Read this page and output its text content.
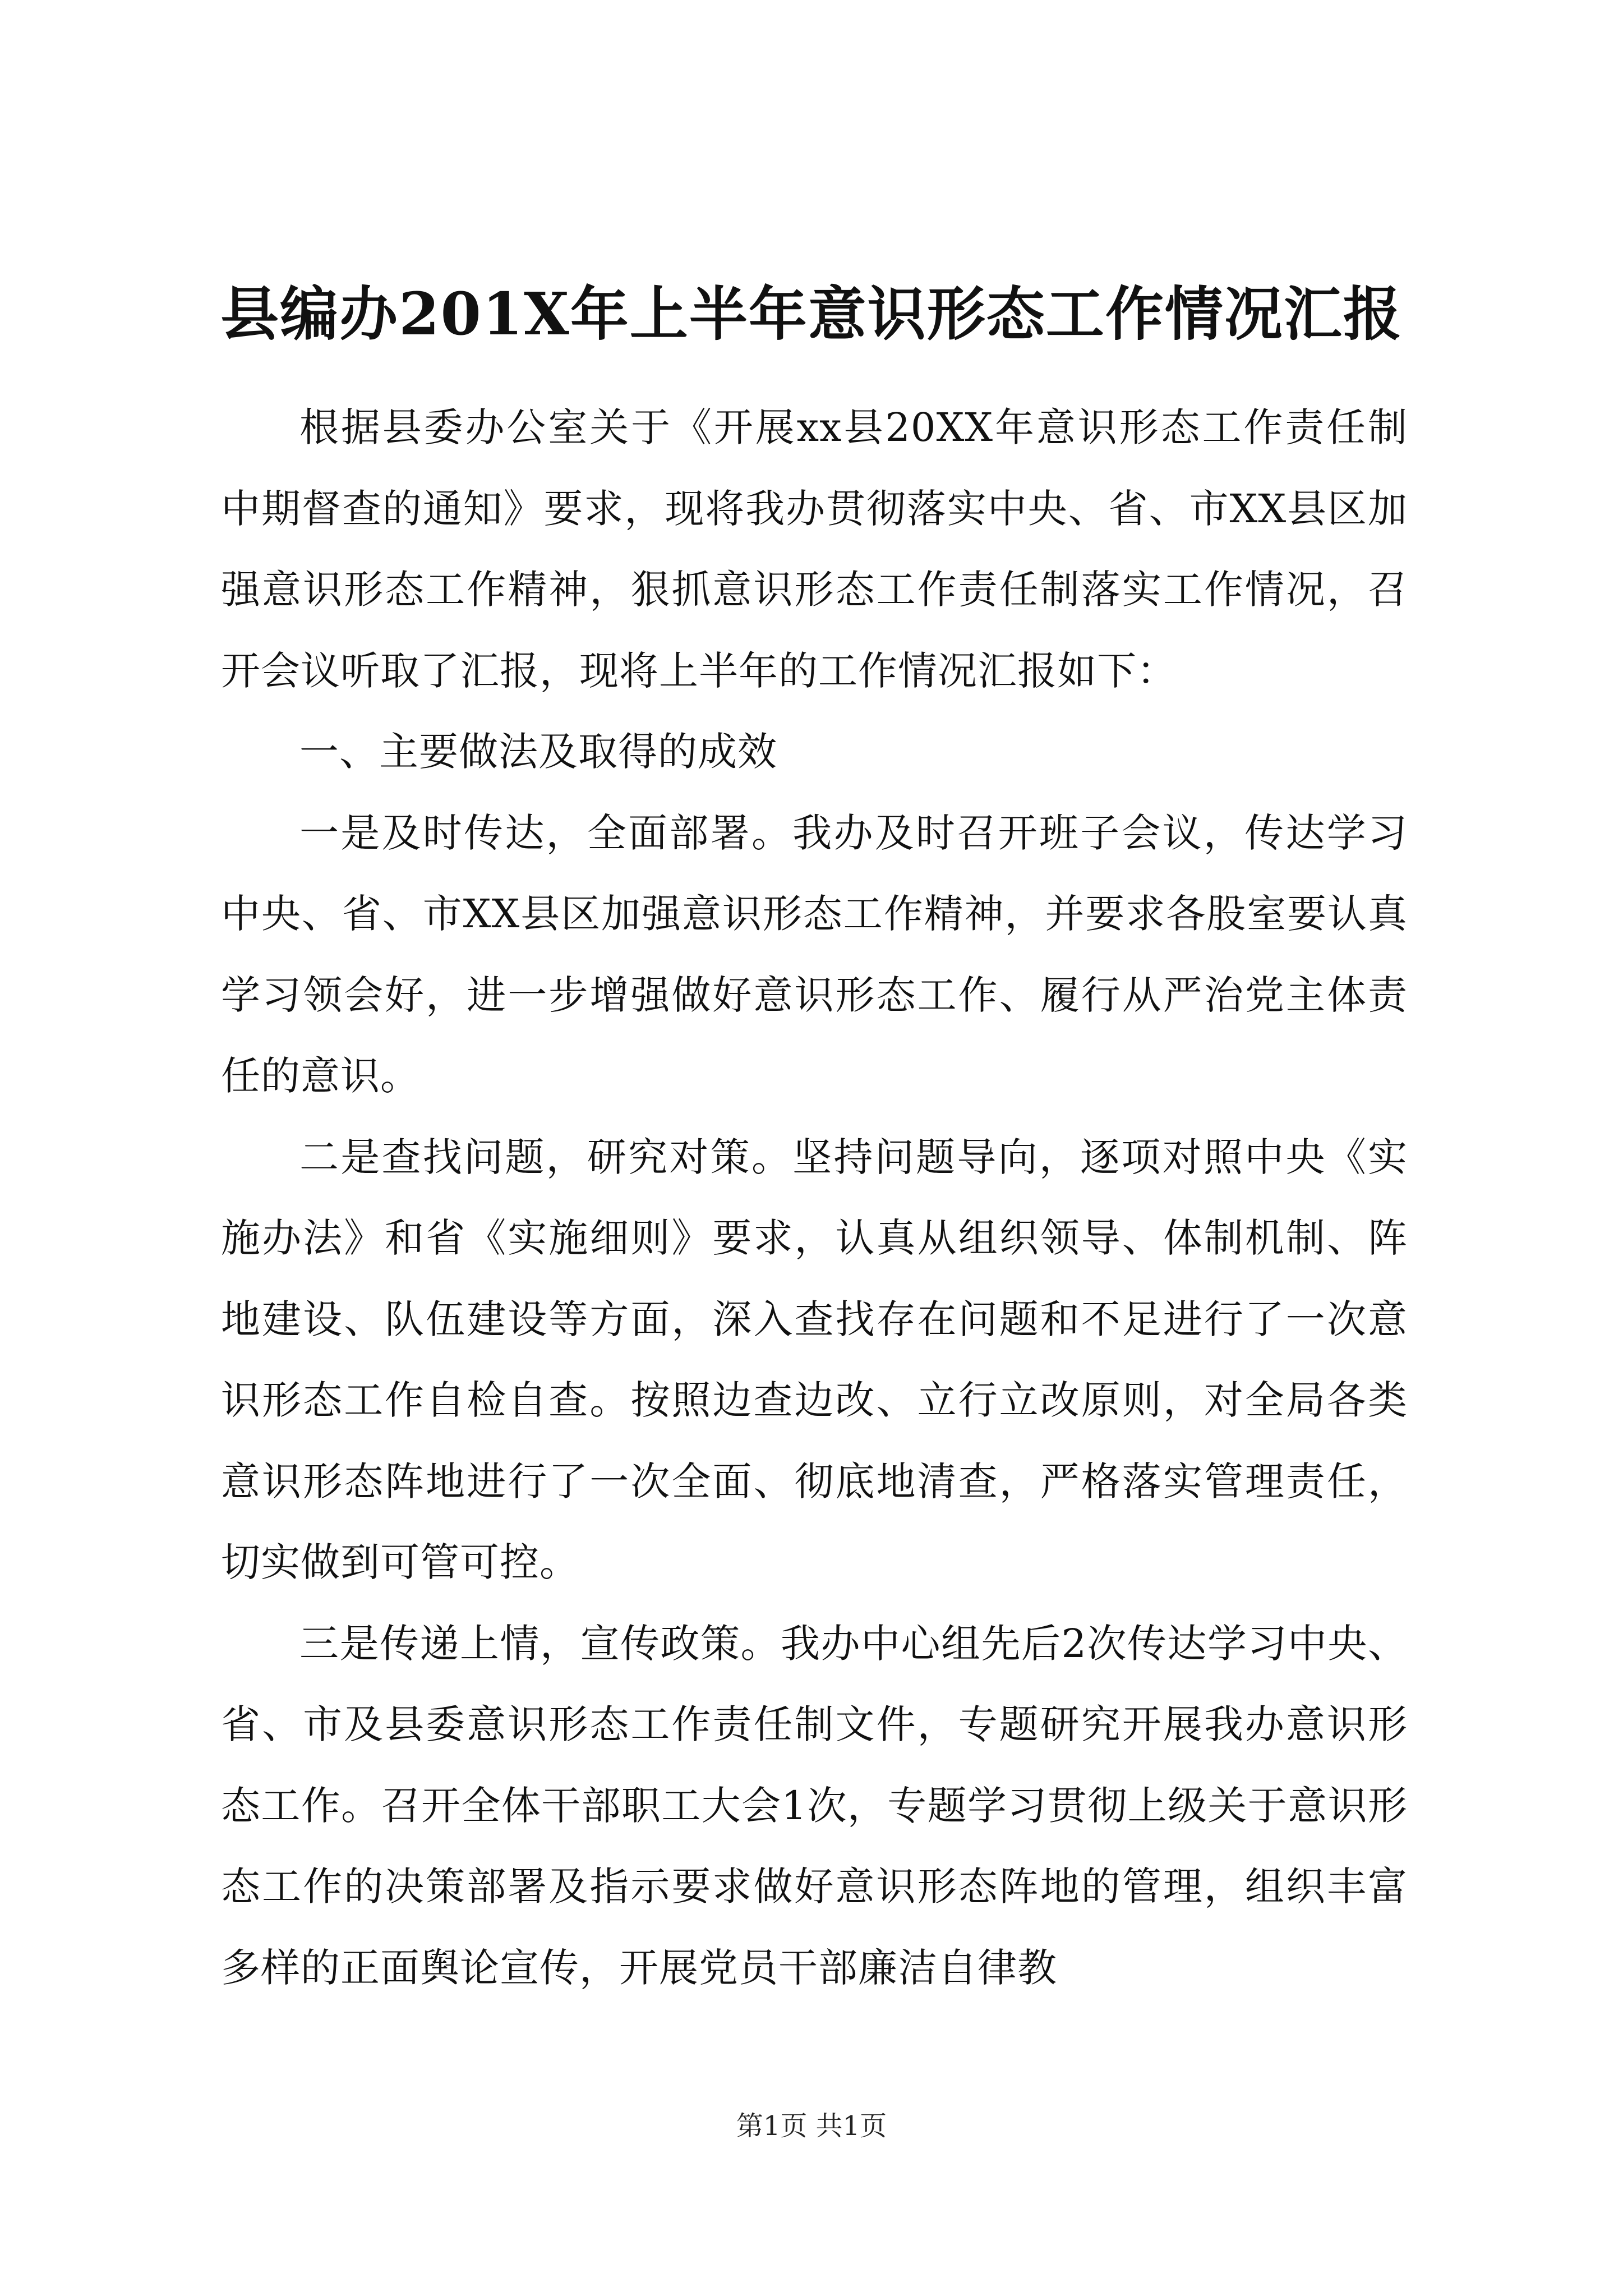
县编办201X年上半年意识形态工作情况汇报

根据县委办公室关于《开展xx县20XX年意识形态工作责任制中期督查的通知》要求，现将我办贯彻落实中央、省、市XX县区加强意识形态工作精神，狠抓意识形态工作责任制落实工作情况，召开会议听取了汇报，现将上半年的工作情况汇报如下：

一、主要做法及取得的成效

一是及时传达，全面部署。我办及时召开班子会议，传达学习中央、省、市XX县区加强意识形态工作精神，并要求各股室要认真学习领会好，进一步增强做好意识形态工作、履行从严治党主体责任的意识。

二是查找问题，研究对策。坚持问题导向，逐项对照中央《实施办法》和省《实施细则》要求，认真从组织领导、体制机制、阵地建设、队伍建设等方面，深入查找存在问题和不足进行了一次意识形态工作自检自查。按照边查边改、立行立改原则，对全局各类意识形态阵地进行了一次全面、彻底地清查，严格落实管理责任，切实做到可管可控。

三是传递上情，宣传政策。我办中心组先后2次传达学习中央、省、市及县委意识形态工作责任制文件，专题研究开展我办意识形态工作。召开全体干部职工大会1次，专题学习贯彻上级关于意识形态工作的决策部署及指示要求做好意识形态阵地的管理，组织丰富多样的正面舆论宣传，开展党员干部廉洁自律教

第1页 共1页
